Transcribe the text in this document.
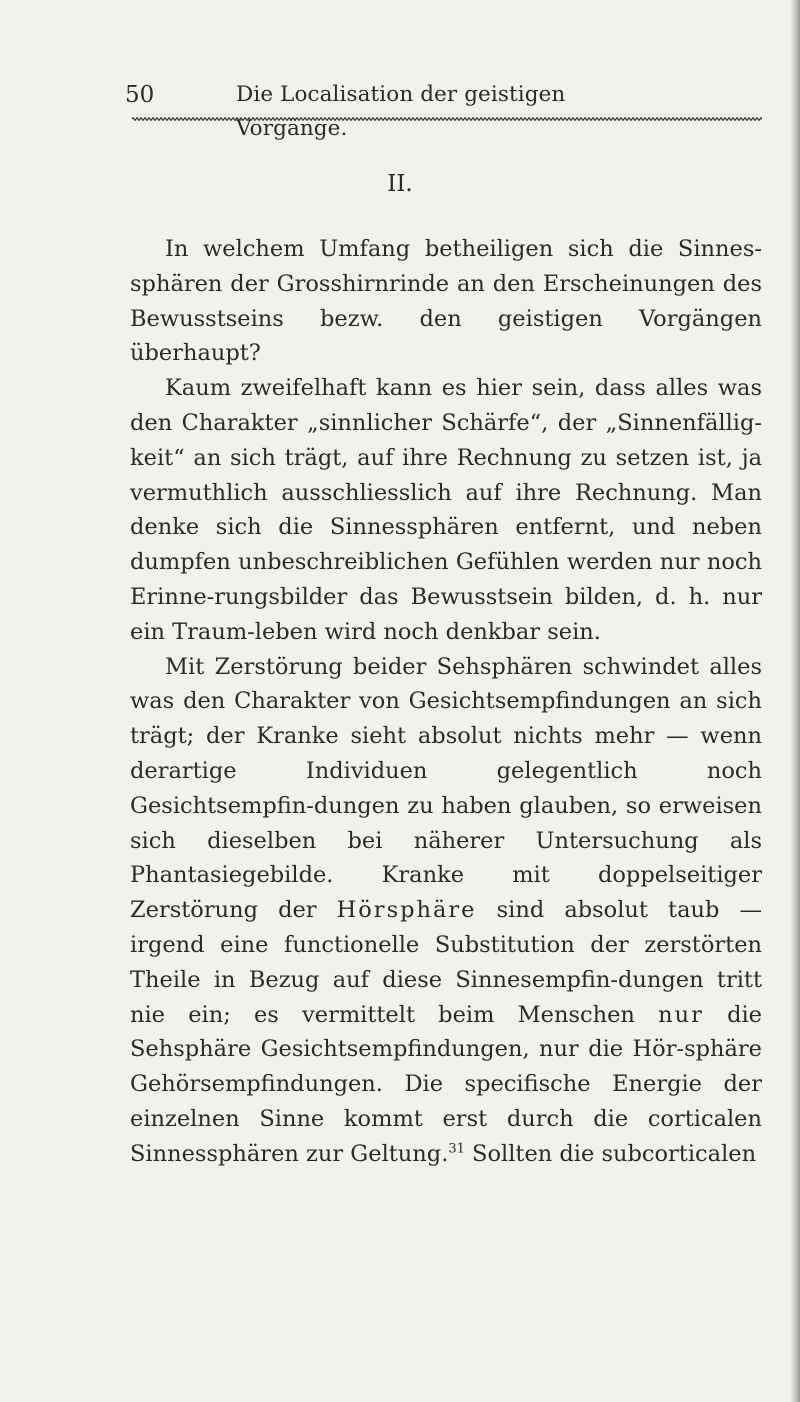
50	Die Localisation der geistigen Vorgänge.
II.

In welchem Umfang betheiligen sich die Sinnes-sphären der Grosshirnrinde an den Erscheinungen des Bewusstseins bezw. den geistigen Vorgängen überhaupt?

Kaum zweifelhaft kann es hier sein, dass alles was den Charakter „sinnlicher Schärfe“, der „Sinnenfällig-keit“ an sich trägt, auf ihre Rechnung zu setzen ist, ja vermuthlich ausschliesslich auf ihre Rechnung. Man denke sich die Sinnessphären entfernt, und neben dumpfen unbeschreiblichen Gefühlen werden nur noch Erinne-rungsbilder das Bewusstsein bilden, d. h. nur ein Traum-leben wird noch denkbar sein.

Mit Zerstörung beider Sehsphären schwindet alles was den Charakter von Gesichtsempfindungen an sich trägt; der Kranke sieht absolut nichts mehr — wenn derartige Individuen gelegentlich noch Gesichtsempfin-dungen zu haben glauben, so erweisen sich dieselben bei näherer Untersuchung als Phantasiegebilde. Kranke mit doppelseitiger Zerstörung der Hörsphäre sind absolut taub — irgend eine functionelle Substitution der zerstörten Theile in Bezug auf diese Sinnesempfin-dungen tritt nie ein; es vermittelt beim Menschen nur die Sehsphäre Gesichtsempfindungen, nur die Hör-sphäre Gehörsempfindungen. Die specifische Energie der einzelnen Sinne kommt erst durch die corticalen Sinnessphären zur Geltung.$^{31}$ Sollten die subcorticalen
